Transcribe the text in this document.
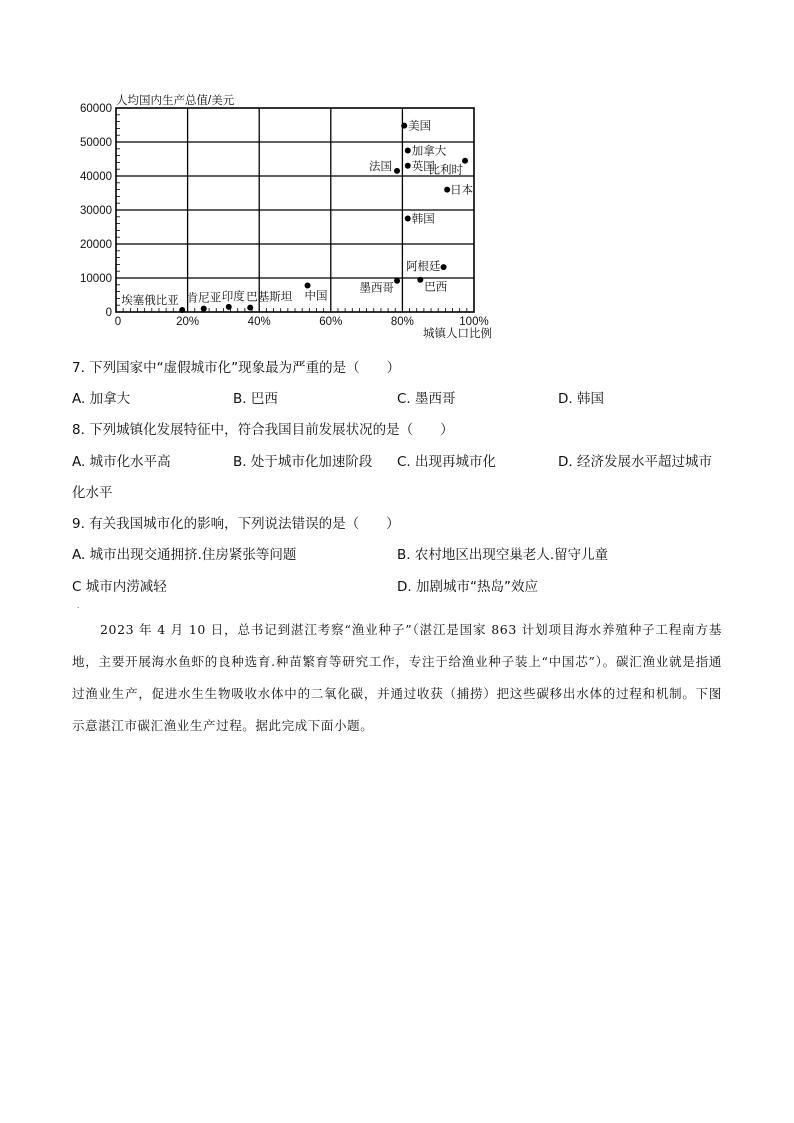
0
10000
20000
30000
40000
50000
60000
0	20%	40%	60%	80%	100%
人均国内生产总值/美元
城镇人口比例
美国
加拿大
英国
法国	比利时
日本
韩国
阿根廷
墨西哥	巴西
中国
埃塞俄比亚 肯尼亚 印度 巴基斯坦
7. 下列国家中“虚假城市化”现象最为严重的是（　　）
A. 加拿大	B. 巴西	C. 墨西哥	D. 韩国
8. 下列城镇化发展特征中，符合我国目前发展状况的是（　　）
A. 城市化水平高	B. 处于城市化加速阶段 C. 出现再城市化	D. 经济发展水平超过城市
化水平
9. 有关我国城市化的影响，下列说法错误的是（　　）
A. 城市出现交通拥挤.住房紧张等问题	B. 农村地区出现空巢老人.留守儿童
C 城市内涝减轻	D. 加剧城市“热岛”效应
·
2023 年 4 月 10 日，总书记到湛江考察“渔业种子”（湛江是国家 863 计划项目海水养殖种子工程南方基地，主要开展海水鱼虾的良种选育.种苗繁育等研究工作，专注于给渔业种子装上“中国芯”）。碳汇渔业就是指通过渔业生产，促进水生生物吸收水体中的二氧化碳，并通过收获（捕捞）把这些碳移出水体的过程和机制。下图示意湛江市碳汇渔业生产过程。据此完成下面小题。
